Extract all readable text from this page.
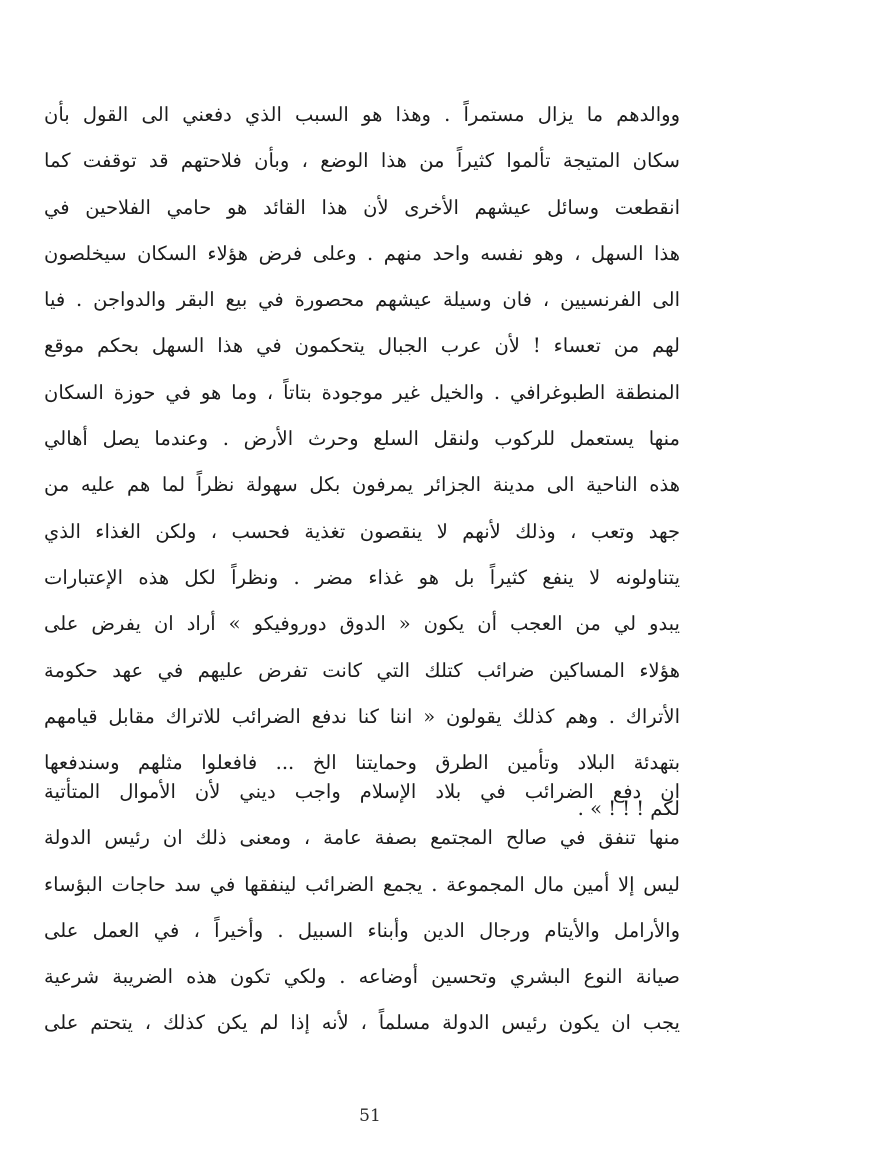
ووالدهم ما يزال مستمراً . وهذا هو السبب الذي دفعني الى القول بأن
سكان المتيجة تألموا كثيراً من هذا الوضع ، وبأن فلاحتهم قد توقفت كما
انقطعت وسائل عيشهم الأخرى لأن هذا القائد هو حامي الفلاحين في
هذا السهل ، وهو نفسه واحد منهم . وعلى فرض هؤلاء السكان سيخلصون
الى الفرنسيين ، فان وسيلة عيشهم محصورة في بيع البقر والدواجن . فيا
لهم من تعساء ! لأن عرب الجبال يتحكمون في هذا السهل بحكم موقع
المنطقة الطبوغرافي . والخيل غير موجودة بتاتاً ، وما هو في حوزة السكان
منها يستعمل للركوب ولنقل السلع وحرث الأرض . وعندما يصل أهالي
هذه الناحية الى مدينة الجزائر يمرفون بكل سهولة نظراً لما هم عليه من
جهد وتعب ، وذلك لأنهم لا ينقصون تغذية فحسب ، ولكن الغذاء الذي
يتناولونه لا ينفع كثيراً بل هو غذاء مضر . ونظراً لكل هذه الإعتبارات
يبدو لي من العجب أن يكون « الدوق دوروفيكو » أراد ان يفرض على
هؤلاء المساكين ضرائب كتلك التي كانت تفرض عليهم في عهد حكومة
الأتراك . وهم كذلك يقولون « اننا كنا ندفع الضرائب للاتراك مقابل قيامهم
بتهدئة البلاد وتأمين الطرق وحمايتنا الخ ... فافعلوا مثلهم وسندفعها
لكم ! ! ! » .
ان دفع الضرائب في بلاد الإسلام واجب ديني لأن الأموال المتأتية
منها تنفق في صالح المجتمع بصفة عامة ، ومعنى ذلك ان رئيس الدولة
ليس إلا أمين مال المجموعة . يجمع الضرائب لينفقها في سد حاجات البؤساء
والأرامل والأيتام ورجال الدين وأبناء السبيل . وأخيراً ، في العمل على
صيانة النوع البشري وتحسين أوضاعه . ولكي تكون هذه الضريبة شرعية
يجب ان يكون رئيس الدولة مسلماً ، لأنه إذا لم يكن كذلك ، يتحتم على
51
